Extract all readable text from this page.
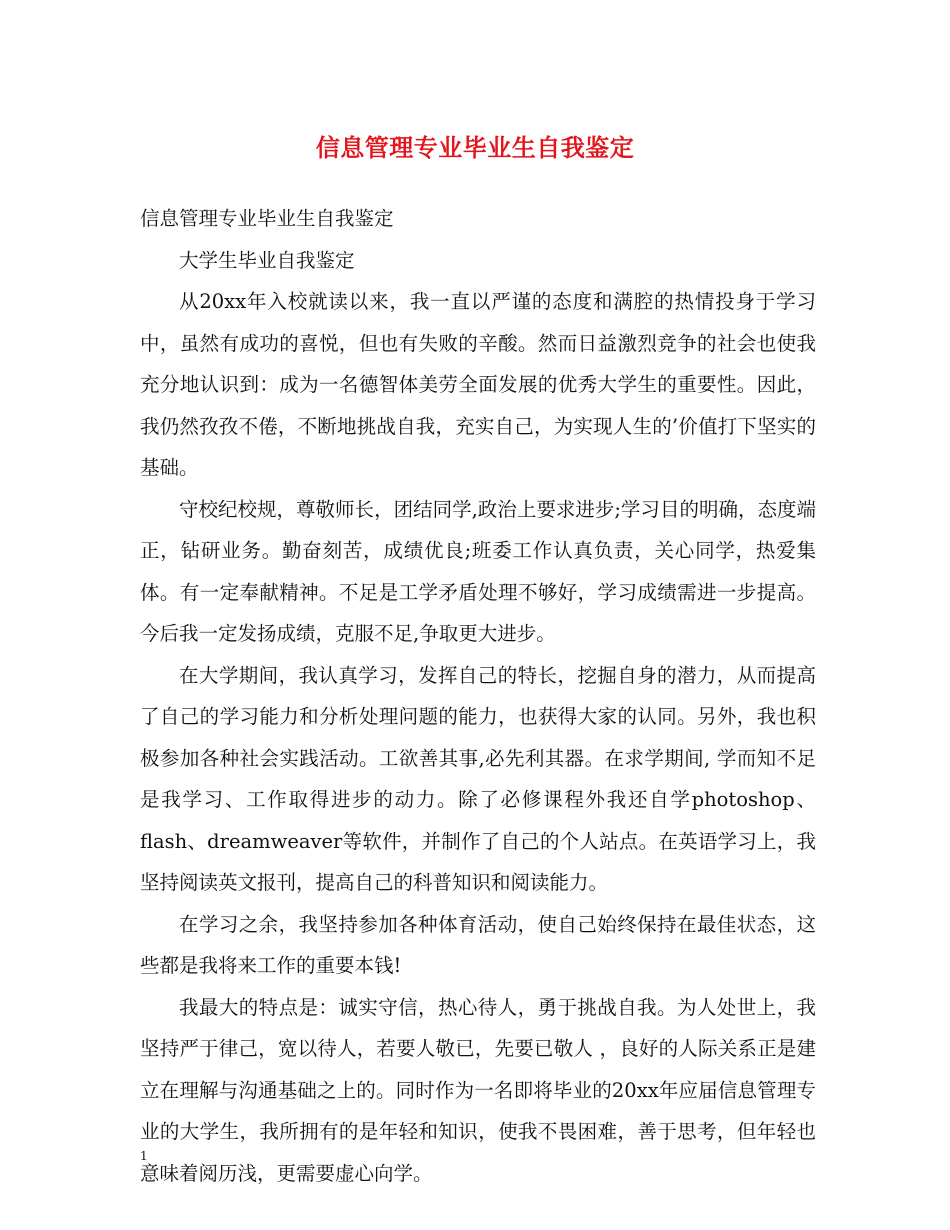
信息管理专业毕业生自我鉴定

信息管理专业毕业生自我鉴定

大学生毕业自我鉴定

从20xx年入校就读以来，我一直以严谨的态度和满腔的热情投身于学习中，虽然有成功的喜悦，但也有失败的辛酸。然而日益激烈竞争的社会也使我充分地认识到：成为一名德智体美劳全面发展的优秀大学生的重要性。因此，我仍然孜孜不倦，不断地挑战自我，充实自己，为实现人生的’价值打下坚实的基础。

守校纪校规，尊敬师长，团结同学,政治上要求进步;学习目的明确，态度端正，钻研业务。勤奋刻苦，成绩优良;班委工作认真负责，关心同学，热爱集体。有一定奉献精神。不足是工学矛盾处理不够好，学习成绩需进一步提高。今后我一定发扬成绩，克服不足,争取更大进步。

在大学期间，我认真学习，发挥自己的特长，挖掘自身的潜力，从而提高了自己的学习能力和分析处理问题的能力，也获得大家的认同。另外，我也积极参加各种社会实践活动。工欲善其事,必先利其器。在求学期间, 学而知不足是我学习、工作取得进步的动力。除了必修课程外我还自学photoshop、flash、dreamweaver等软件，并制作了自己的个人站点。在英语学习上，我坚持阅读英文报刊，提高自己的科普知识和阅读能力。

在学习之余，我坚持参加各种体育活动，使自己始终保持在最佳状态，这些都是我将来工作的重要本钱!

我最大的特点是：诚实守信，热心待人，勇于挑战自我。为人处世上，我坚持严于律己，宽以待人，若要人敬已，先要已敬人 ，良好的人际关系正是建立在理解与沟通基础之上的。同时作为一名即将毕业的20xx年应届信息管理专业的大学生，我所拥有的是年轻和知识，使我不畏困难，善于思考，但年轻也意味着阅历浅，更需要虚心向学。

1
